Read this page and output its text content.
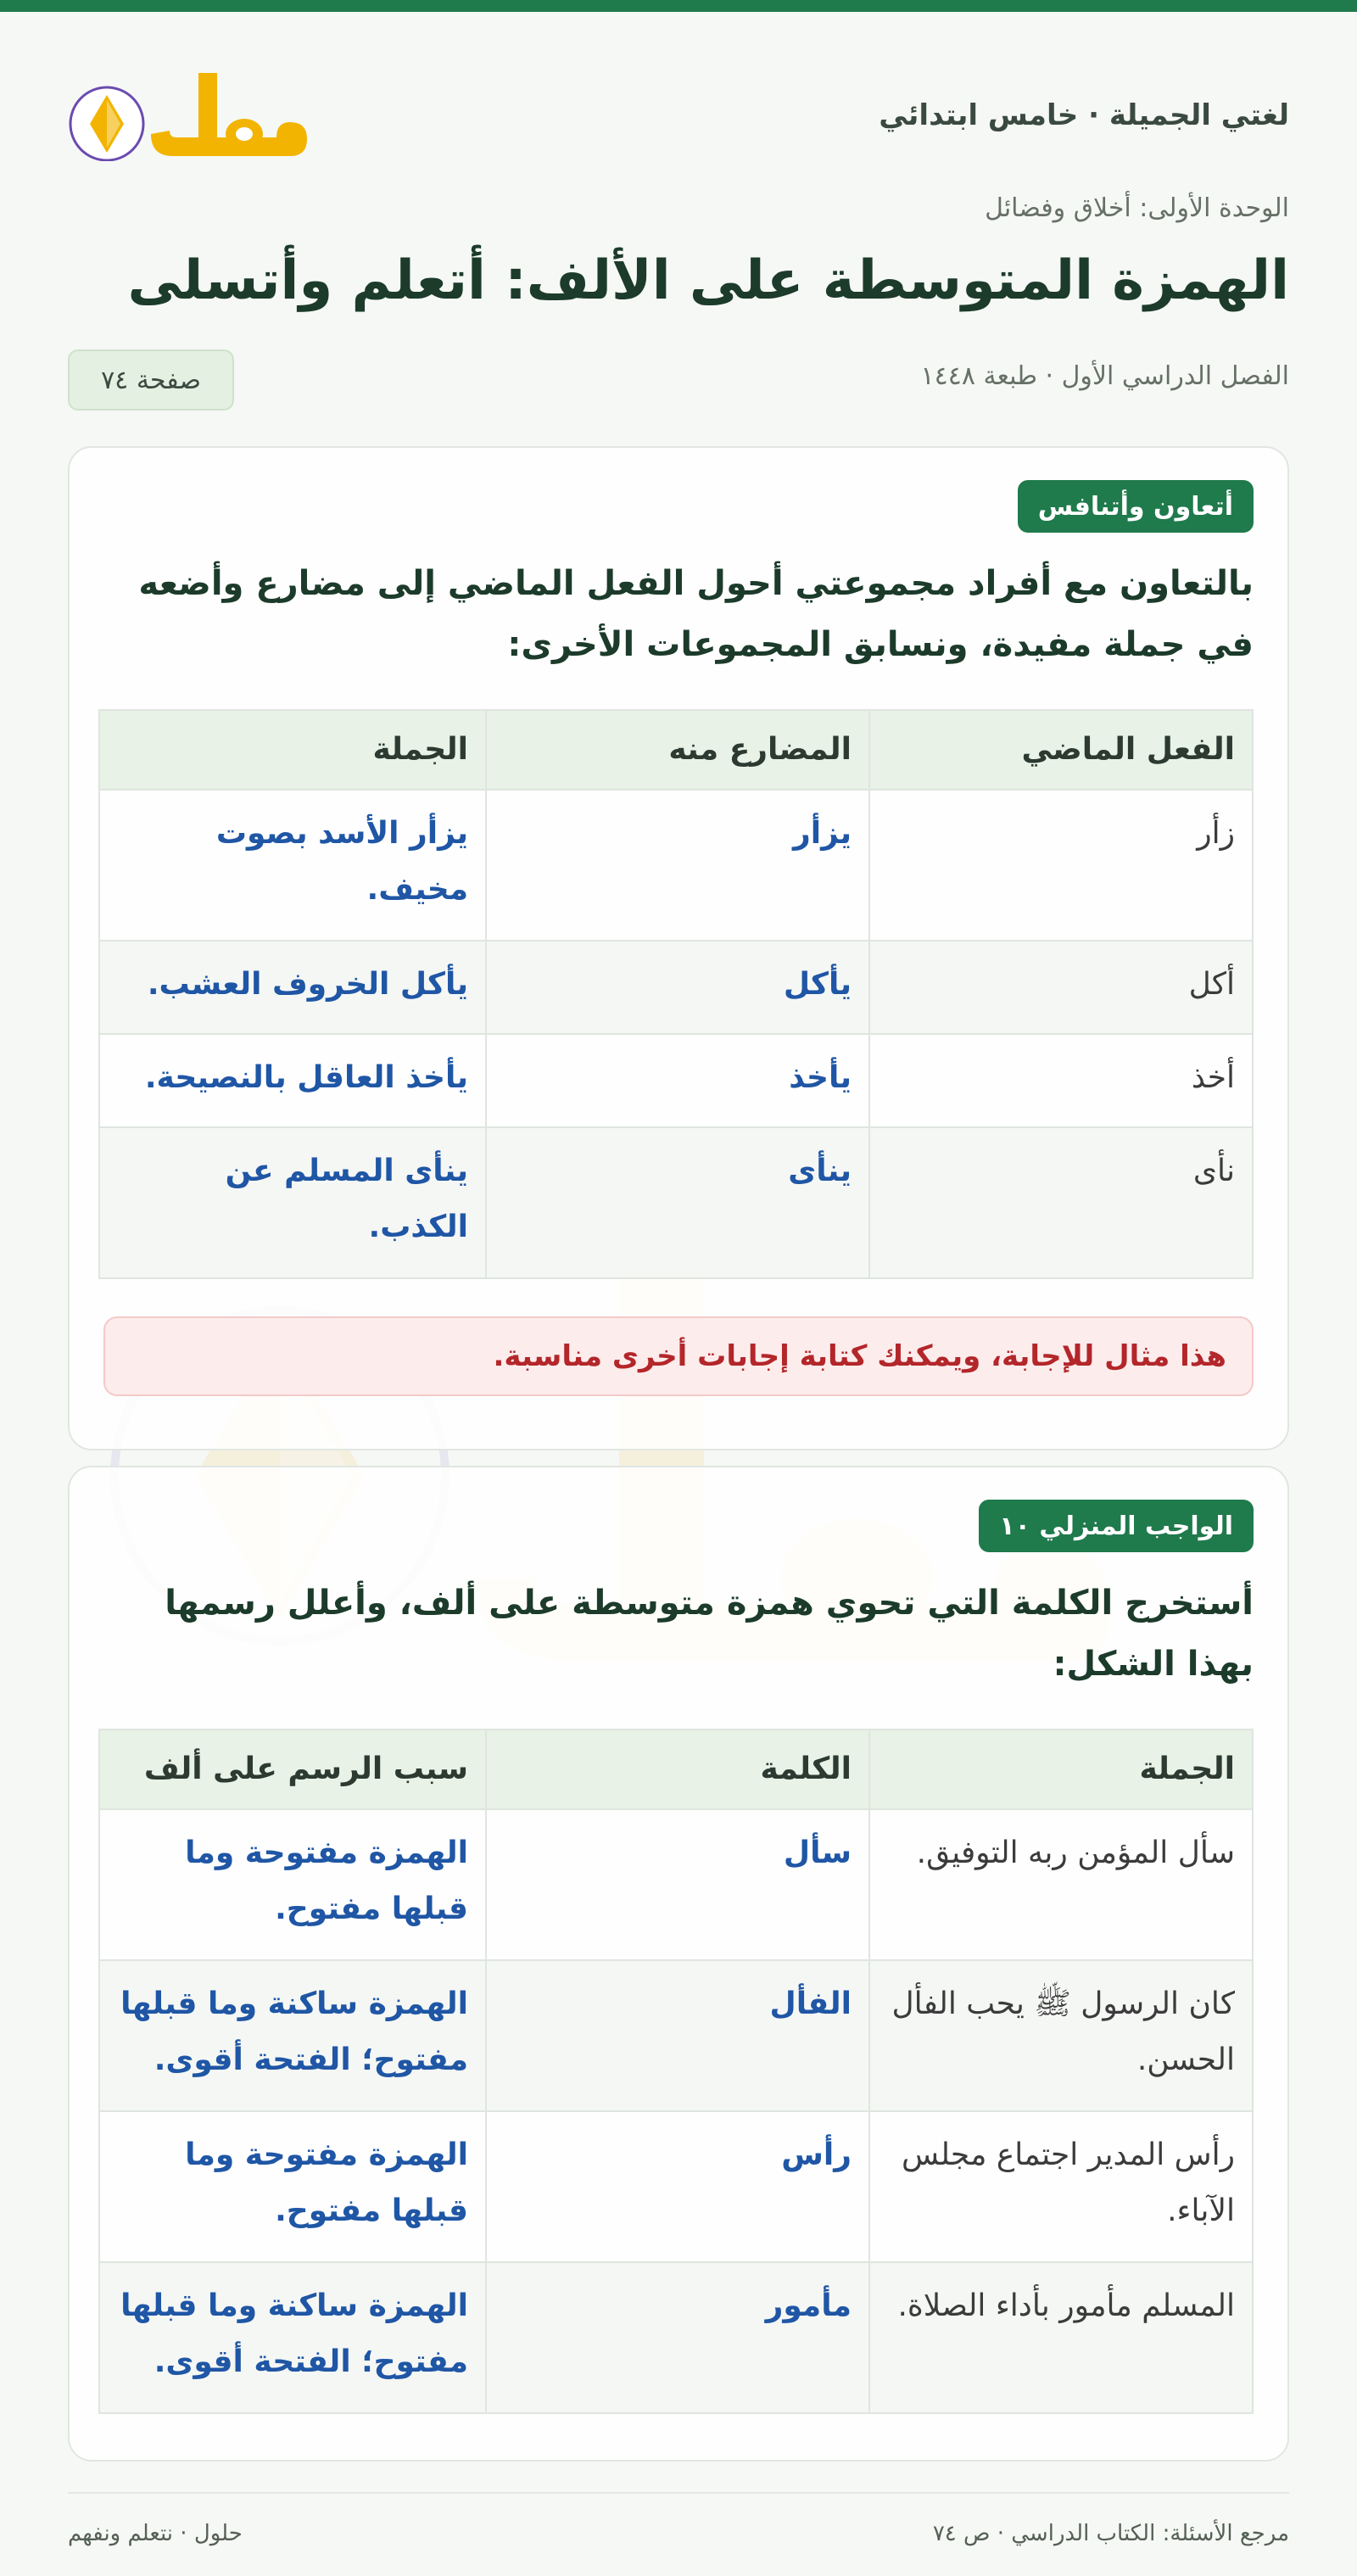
لغتي الجميلة · خامس ابتدائي
الوحدة الأولى: أخلاق وفضائل
الهمزة المتوسطة على الألف: أتعلم وأتسلى
الفصل الدراسي الأول · طبعة ١٤٤٨
صفحة ٧٤
أتعاون وأتنافس

بالتعاون مع أفراد مجموعتي أحول الفعل الماضي إلى مضارع وأضعه في جملة مفيدة، ونسابق المجموعات الأخرى:

الفعل الماضي	المضارع منه	الجملة
زأر	يزأر	يزأر الأسد بصوت مخيف.
أكل	يأكل	يأكل الخروف العشب.
أخذ	يأخذ	يأخذ العاقل بالنصيحة.
نأى	ينأى	ينأى المسلم عن الكذب.
هذا مثال للإجابة، ويمكنك كتابة إجابات أخرى مناسبة.
الواجب المنزلي ١٠

أستخرج الكلمة التي تحوي همزة متوسطة على ألف، وأعلل رسمها بهذا الشكل:

الجملة	الكلمة	سبب الرسم على ألف
سأل المؤمن ربه التوفيق.	سأل	الهمزة مفتوحة وما قبلها مفتوح.
كان الرسول ﷺ يحب الفأل الحسن.	الفأل	الهمزة ساكنة وما قبلها مفتوح؛ الفتحة أقوى.
رأس المدير اجتماع مجلس الآباء.	رأس	الهمزة مفتوحة وما قبلها مفتوح.
المسلم مأمور بأداء الصلاة.	مأمور	الهمزة ساكنة وما قبلها مفتوح؛ الفتحة أقوى.
مرجع الأسئلة: الكتاب الدراسي · ص ٧٤
حلول · نتعلم ونفهم
